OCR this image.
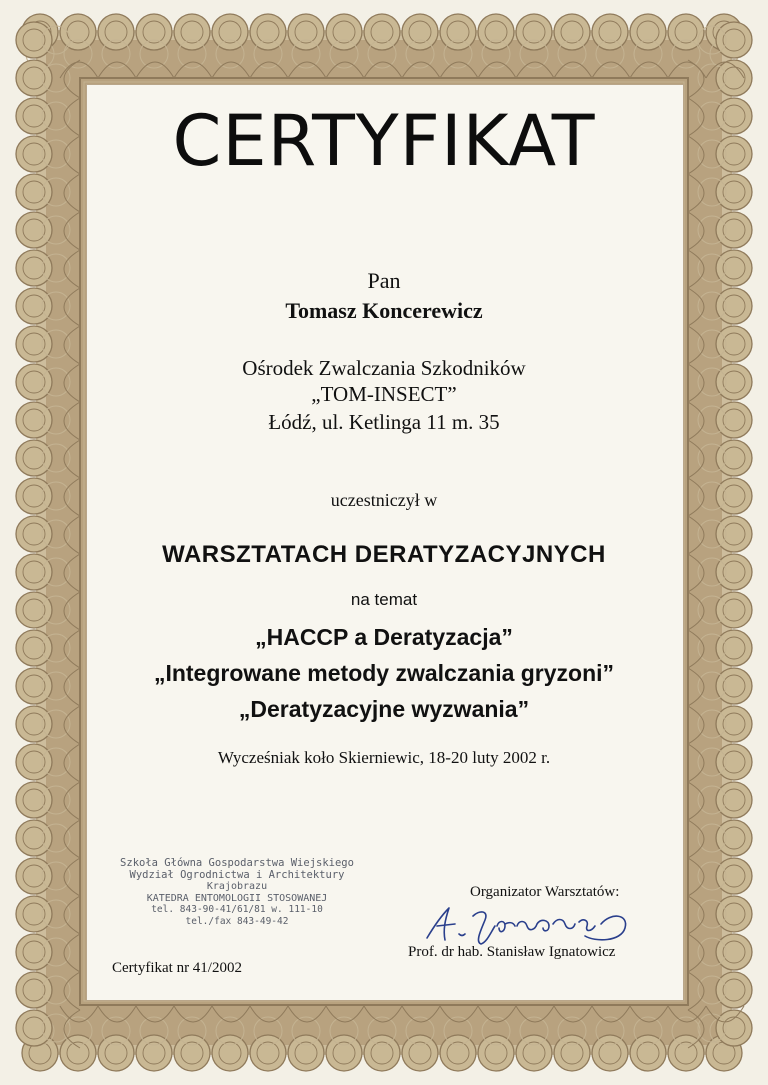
CERTYFIKAT
Pan
Tomasz Koncerewicz
Ośrodek Zwalczania Szkodników
„TOM-INSECT”
Łódź, ul. Ketlinga 11 m. 35
uczestniczył w
WARSZTATACH DERATYZACYJNYCH
na temat
„HACCP a Deratyzacja”
„Integrowane metody zwalczania gryzoni”
„Deratyzacyjne wyzwania”
Wycześniak koło Skierniewic, 18-20 luty 2002 r.
Szkoła Główna Gospodarstwa Wiejskiego
Wydział Ogrodnictwa i Architektury
Krajobrazu
KATEDRA ENTOMOLOGII STOSOWANEJ
tel. 843-90-41/61/81 w. 111-10
tel./fax 843-49-42
Organizator Warsztatów:
Prof. dr hab. Stanisław Ignatowicz
Certyfikat nr 41/2002
